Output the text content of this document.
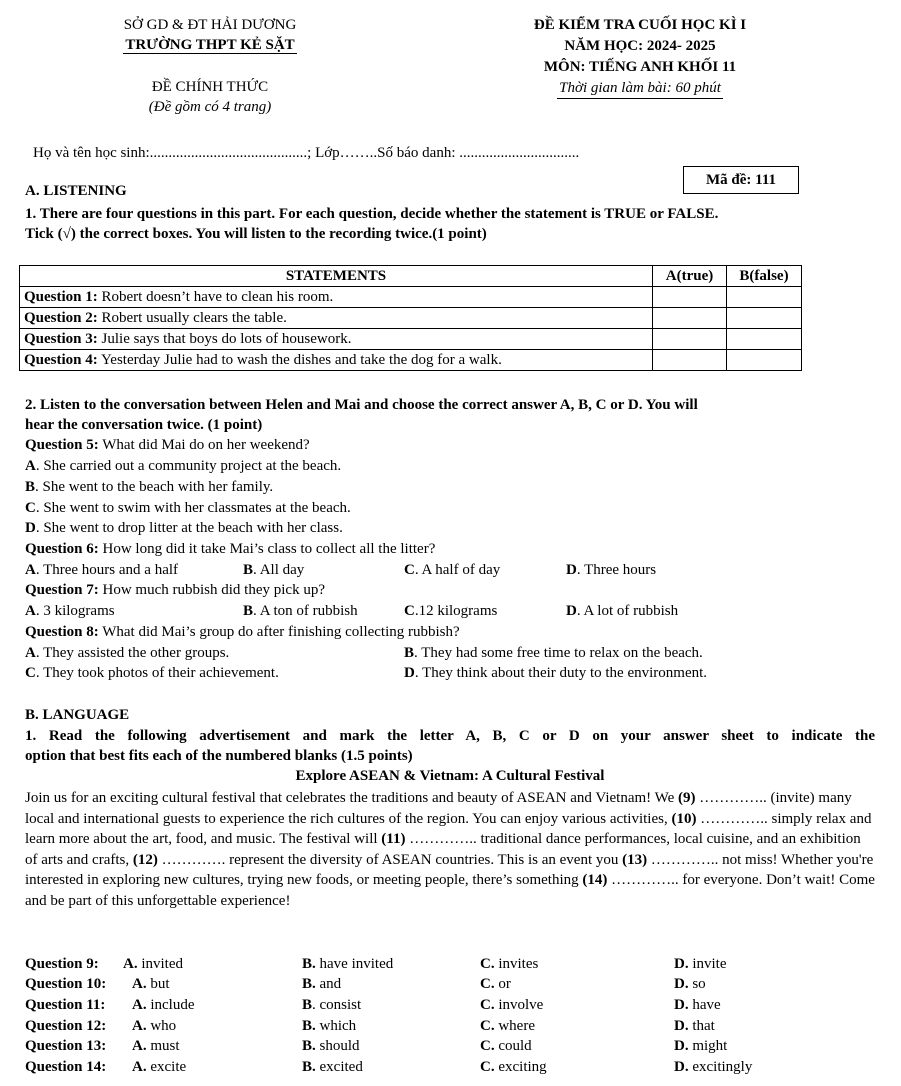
SỞ GD & ĐT HẢI DƯƠNG
TRƯỜNG THPT KẺ SẶT
ĐỀ CHÍNH THỨC
(Đề gồm có 4 trang)
ĐỀ KIỂM TRA CUỐI HỌC KÌ I
NĂM HỌC: 2024- 2025
MÔN: TIẾNG ANH KHỐI 11
Thời gian làm bài: 60 phút
Họ và tên học sinh:..........................................; Lớp……..Số báo danh: ................................
Mã đề: 111
A. LISTENING
1. There are four questions in this part. For each question, decide whether the statement is TRUE or FALSE.
Tick (√) the correct boxes. You will listen to the recording twice.(1 point)
STATEMENTS	A(true)	B(false)
Question 1: Robert doesn’t have to clean his room.		
Question 2: Robert usually clears the table.		
Question 3: Julie says that boys do lots of housework.		
Question 4: Yesterday Julie had to wash the dishes and take the dog for a walk.		
2. Listen to the conversation between Helen and Mai and choose the correct answer A, B, C or D. You will
hear the conversation twice. (1 point)
Question 5: What did Mai do on her weekend?
A. She carried out a community project at the beach.
B. She went to the beach with her family.
C. She went to swim with her classmates at the beach.
D. She went to drop litter at the beach with her class.
Question 6: How long did it take Mai’s class to collect all the litter?
A. Three hours and a half	B. All day	C. A half of day	D. Three hours
Question 7: How much rubbish did they pick up?
A. 3 kilograms	B. A ton of rubbish	C.12 kilograms	D. A lot of rubbish
Question 8: What did Mai’s group do after finishing collecting rubbish?
A. They assisted the other groups.	B. They had some free time to relax on the beach.
C. They took photos of their achievement.	D. They think about their duty to the environment.
B. LANGUAGE
1. Read the following advertisement and mark the letter A, B, C or D on your answer sheet to indicate the
option that best fits each of the numbered blanks (1.5 points)
Explore ASEAN & Vietnam: A Cultural Festival
Join us for an exciting cultural festival that celebrates the traditions and beauty of ASEAN and Vietnam! We (9) ………….. (invite) many local and international guests to experience the rich cultures of the region. You can enjoy various activities, (10) ………….. simply relax and learn more about the art, food, and music. The festival will (11) ………….. traditional dance performances, local cuisine, and an exhibition of arts and crafts, (12) …………. represent the diversity of ASEAN countries. This is an event you (13) ………….. not miss! Whether you're interested in exploring new cultures, trying new foods, or meeting people, there’s something (14) ………….. for everyone. Don’t wait! Come and be part of this unforgettable experience!
Question 9: A. invited	B. have invited	C. invites	D. invite
Question 10: A. but	B. and	C. or	D. so
Question 11: A. include	B. consist	C. involve	D. have
Question 12: A. who	B. which	C. where	D. that
Question 13: A. must	B. should	C. could	D. might
Question 14: A. excite	B. excited	C. exciting	D. excitingly
